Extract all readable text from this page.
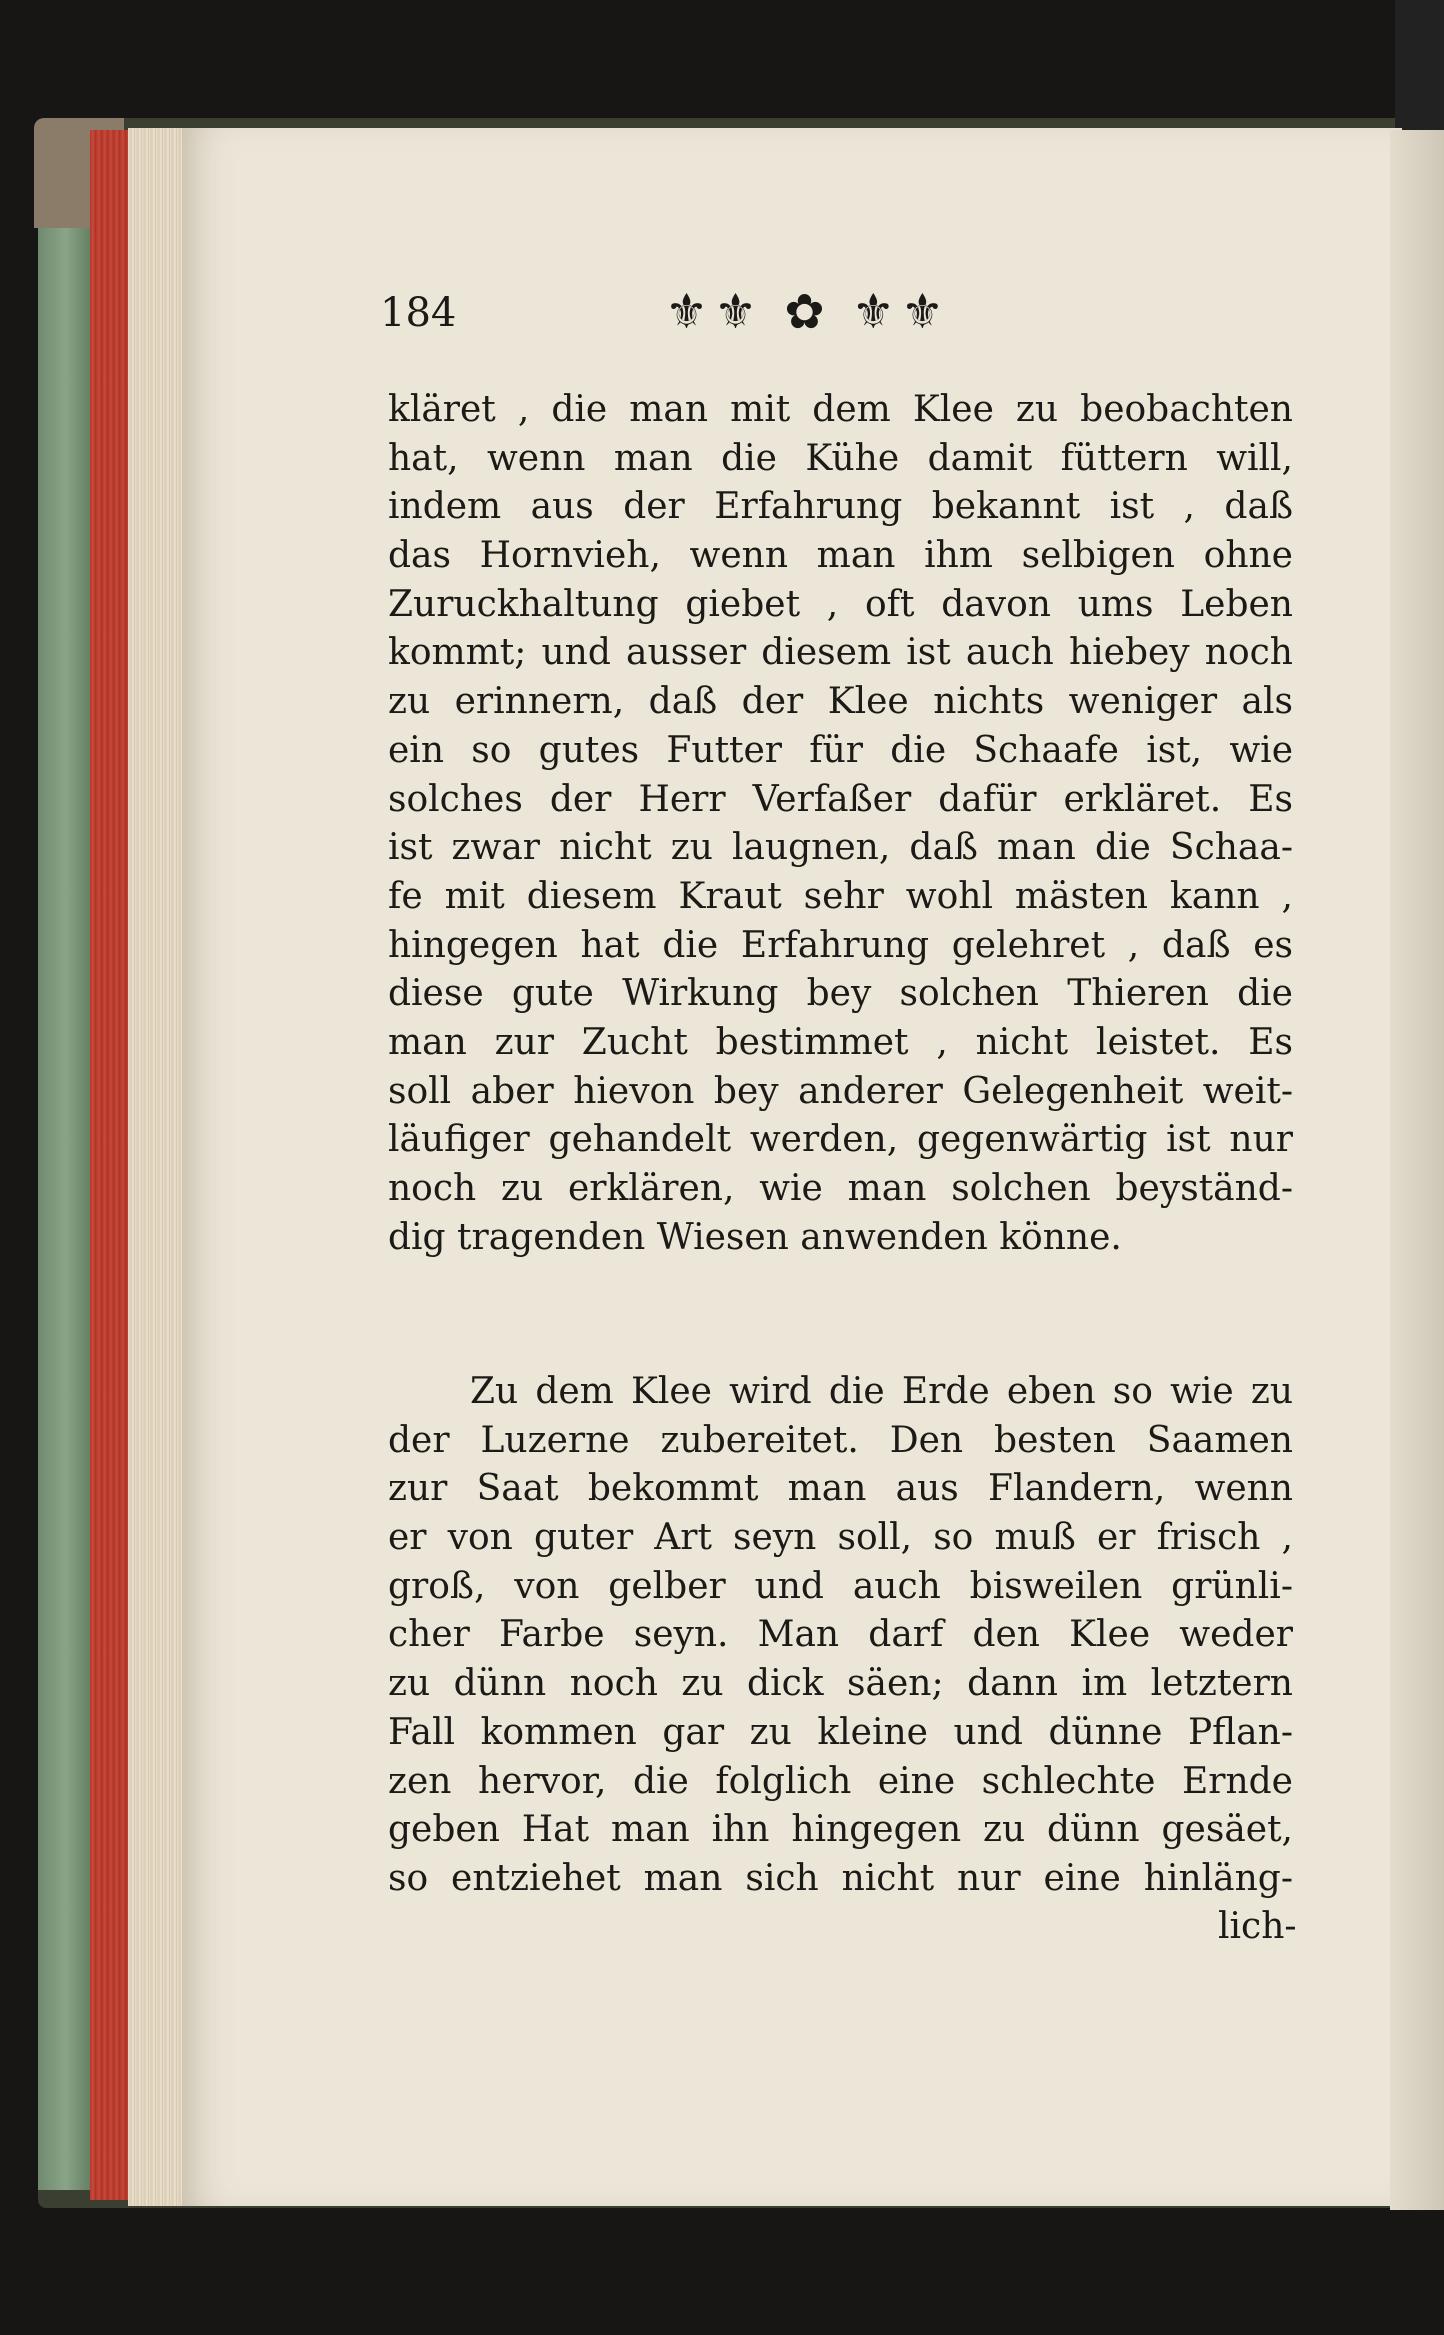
184	⚜⚜ ✿ ⚜⚜
kläret , die man mit dem Klee zu beobachten
hat, wenn man die Kühe damit füttern will,
indem aus der Erfahrung bekannt ist , daß
das Hornvieh, wenn man ihm selbigen ohne
Zuruckhaltung giebet , oft davon ums Leben
kommt; und ausser diesem ist auch hiebey noch
zu erinnern, daß der Klee nichts weniger als
ein so gutes Futter für die Schaafe ist, wie
solches der Herr Verfaßer dafür erkläret. Es
ist zwar nicht zu laugnen, daß man die Schaa-
fe mit diesem Kraut sehr wohl mästen kann ,
hingegen hat die Erfahrung gelehret , daß es
diese gute Wirkung bey solchen Thieren die
man zur Zucht bestimmet , nicht leistet. Es
soll aber hievon bey anderer Gelegenheit weit-
läufiger gehandelt werden, gegenwärtig ist nur
noch zu erklären, wie man solchen beyständ-
dig tragenden Wiesen anwenden könne.
Zu dem Klee wird die Erde eben so wie zu
der Luzerne zubereitet. Den besten Saamen
zur Saat bekommt man aus Flandern, wenn
er von guter Art seyn soll, so muß er frisch ,
groß, von gelber und auch bisweilen grünli-
cher Farbe seyn. Man darf den Klee weder
zu dünn noch zu dick säen; dann im letztern
Fall kommen gar zu kleine und dünne Pflan-
zen hervor, die folglich eine schlechte Ernde
geben Hat man ihn hingegen zu dünn gesäet,
so entziehet man sich nicht nur eine hinläng-
lich-
